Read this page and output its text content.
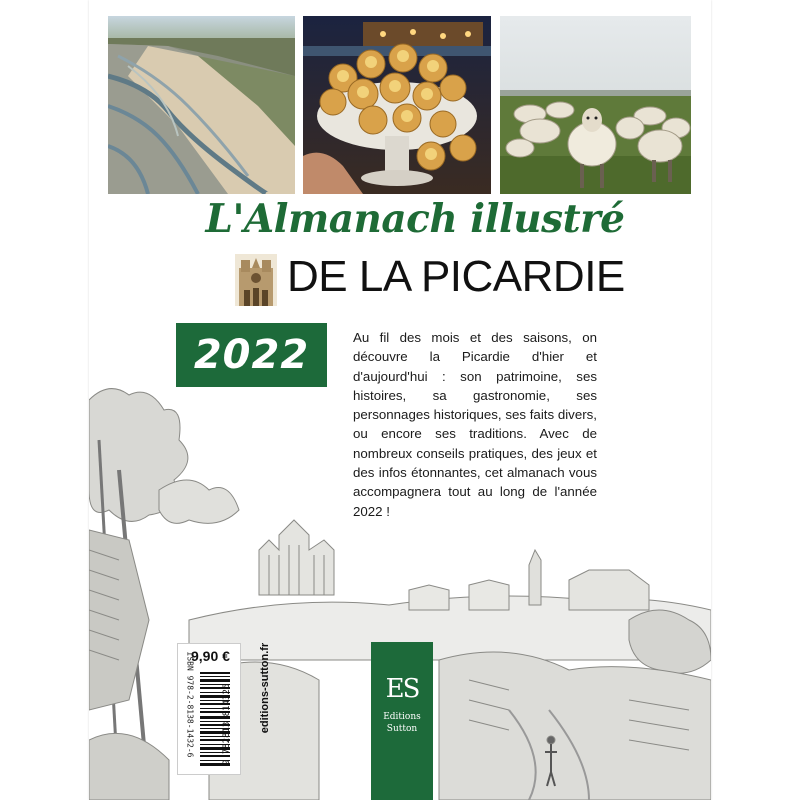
L'Almanach illustré
DE LA PICARDIE
2022	Au fil des mois et des saisons, on découvre la Picardie d'hier et d'aujourd'hui : son patrimoine, ses histoires, sa gastronomie, ses personnages historiques, ses faits divers, ou encore ses traditions. Avec de nombreux conseils pratiques, des jeux et des infos étonnantes, cet almanach vous accompagnera tout au long de l'année 2022 !
9,90 €
ISBN 978-2-8138-1432-6	9 782813 814326 editions-sutton.fr	ES
Editions
Sutton
